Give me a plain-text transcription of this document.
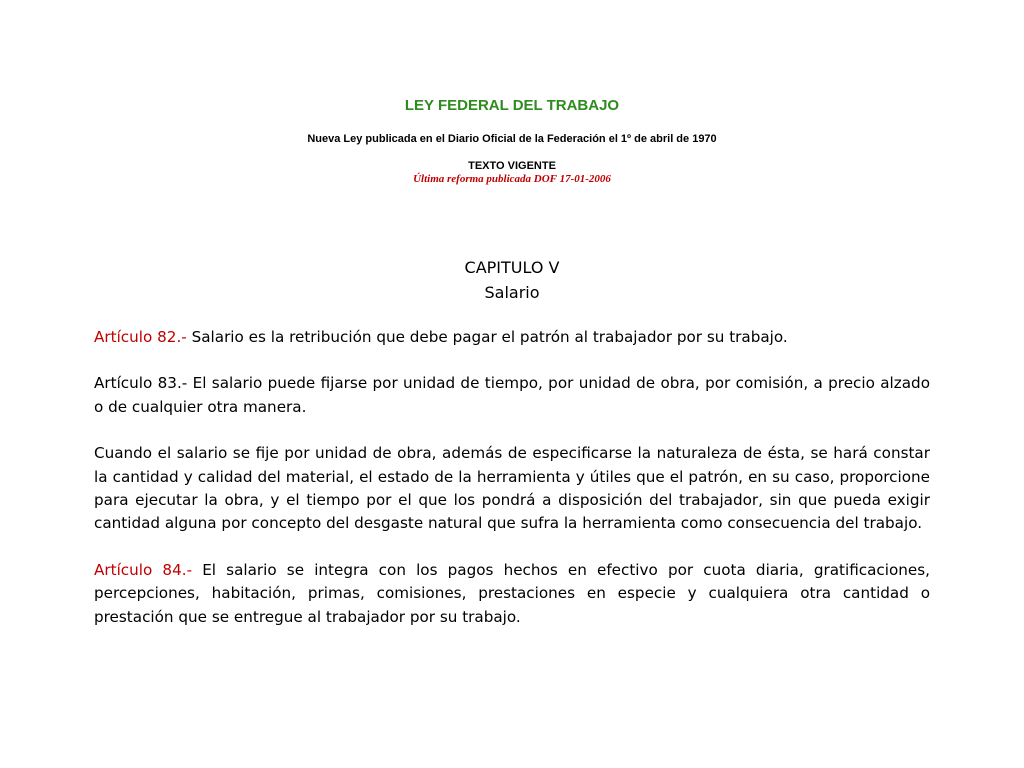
LEY FEDERAL DEL TRABAJO

Nueva Ley publicada en el Diario Oficial de la Federación el 1º de abril de 1970

TEXTO VIGENTE

Última reforma publicada DOF 17-01-2006

CAPITULO V
Salario

Artículo 82.- Salario es la retribución que debe pagar el patrón al trabajador por su trabajo.

Artículo 83.- El salario puede fijarse por unidad de tiempo, por unidad de obra, por comisión, a precio alzado o de cualquier otra manera.

Cuando el salario se fije por unidad de obra, además de especificarse la naturaleza de ésta, se hará constar la cantidad y calidad del material, el estado de la herramienta y útiles que el patrón, en su caso, proporcione para ejecutar la obra, y el tiempo por el que los pondrá a disposición del trabajador, sin que pueda exigir cantidad alguna por concepto del desgaste natural que sufra la herramienta como consecuencia del trabajo.

Artículo 84.- El salario se integra con los pagos hechos en efectivo por cuota diaria, gratificaciones, percepciones, habitación, primas, comisiones, prestaciones en especie y cualquiera otra cantidad o prestación que se entregue al trabajador por su trabajo.
